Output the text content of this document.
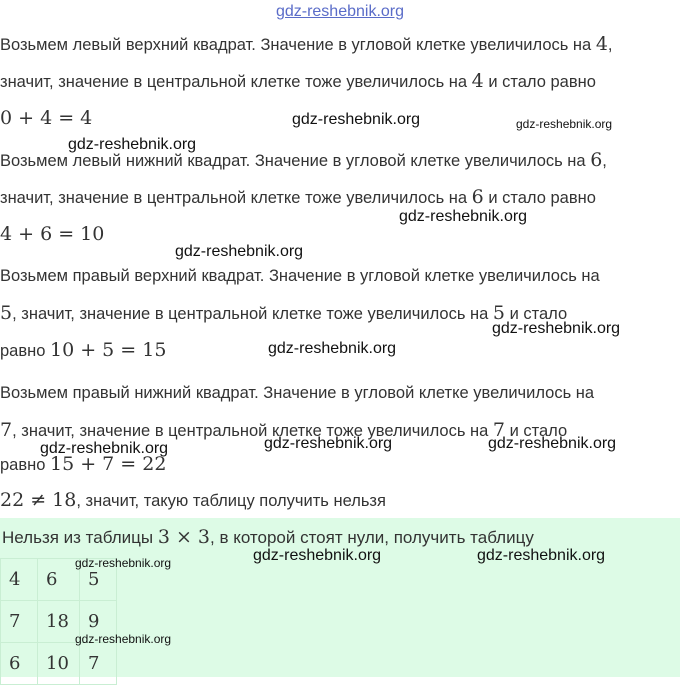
gdz-reshebnik.org
Возьмем левый верхний квадрат. Значение в угловой клетке увеличилось на 4,
значит, значение в центральной клетке тоже увеличилось на 4 и стало равно
0 + 4 = 4
Возьмем левый нижний квадрат. Значение в угловой клетке увеличилось на 6,
значит, значение в центральной клетке тоже увеличилось на 6 и стало равно
4 + 6 = 10
Возьмем правый верхний квадрат. Значение в угловой клетке увеличилось на
5, значит, значение в центральной клетке тоже увеличилось на 5 и стало
равно 10 + 5 = 15
Возьмем правый нижний квадрат. Значение в угловой клетке увеличилось на
7, значит, значение в центральной клетке тоже увеличилось на 7 и стало
равно 15 + 7 = 22
22 ≠ 18, значит, такую таблицу получить нельзя
Нельзя из таблицы 3 × 3, в которой стоят нули, получить таблицу
4	6	5
7	18	9
6	10	7
gdz-reshebnik.org	gdz-reshebnik.org
gdz-reshebnik.org
gdz-reshebnik.org
gdz-reshebnik.org
gdz-reshebnik.org
gdz-reshebnik.org
gdz-reshebnik.org	gdz-reshebnik.org
gdz-reshebnik.org
gdz-reshebnik.org	gdz-reshebnik.org
gdz-reshebnik.org
gdz-reshebnik.org
